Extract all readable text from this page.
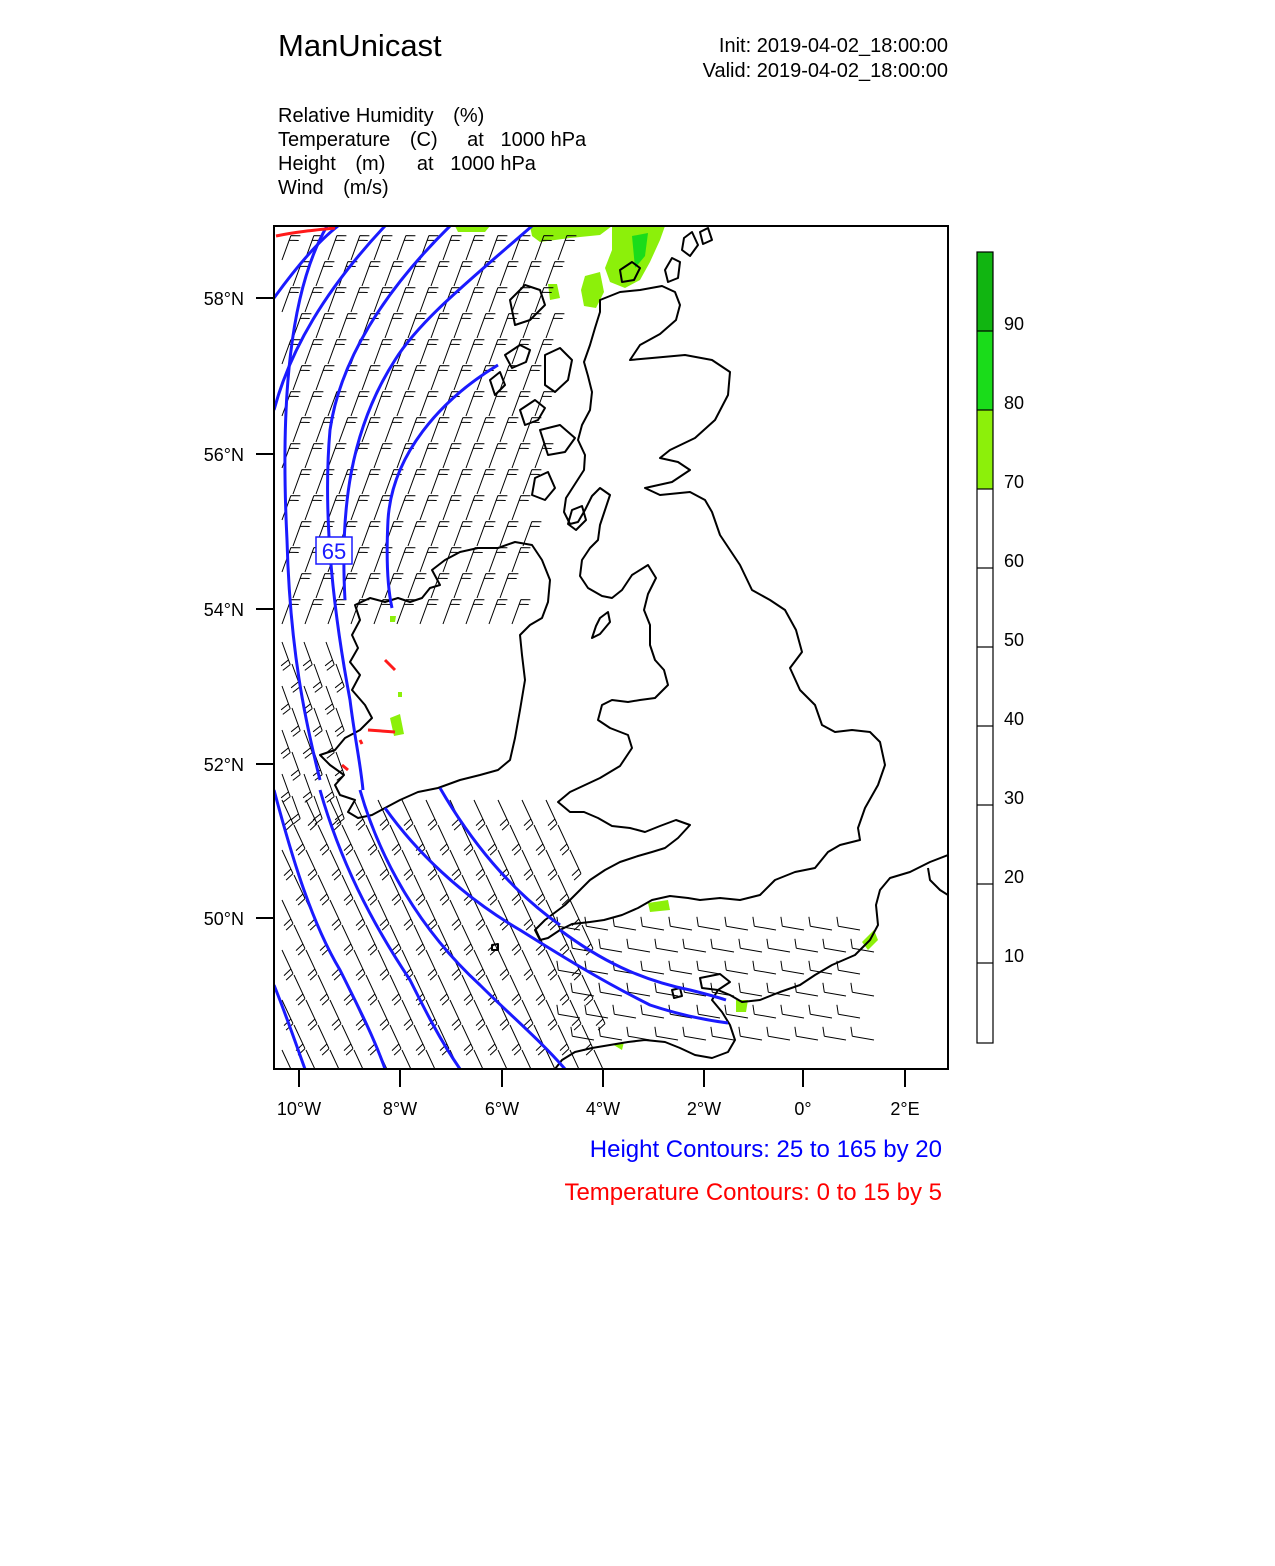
ManUnicast	Init: 2019-04-02_18:00:00
Valid: 2019-04-02_18:00:00
Relative Humidity (%)
Temperature (C) at   1000 hPa
Height (m) at   1000 hPa
Wind (m/s)
65
58°N
56°N
54°N
52°N
50°N
10°W	8°W	6°W	4°W	2°W	0°	2°E
90
80
70
60
50
40
30
20
10
Height Contours: 25 to 165 by 20
Temperature Contours: 0 to 15 by 5
